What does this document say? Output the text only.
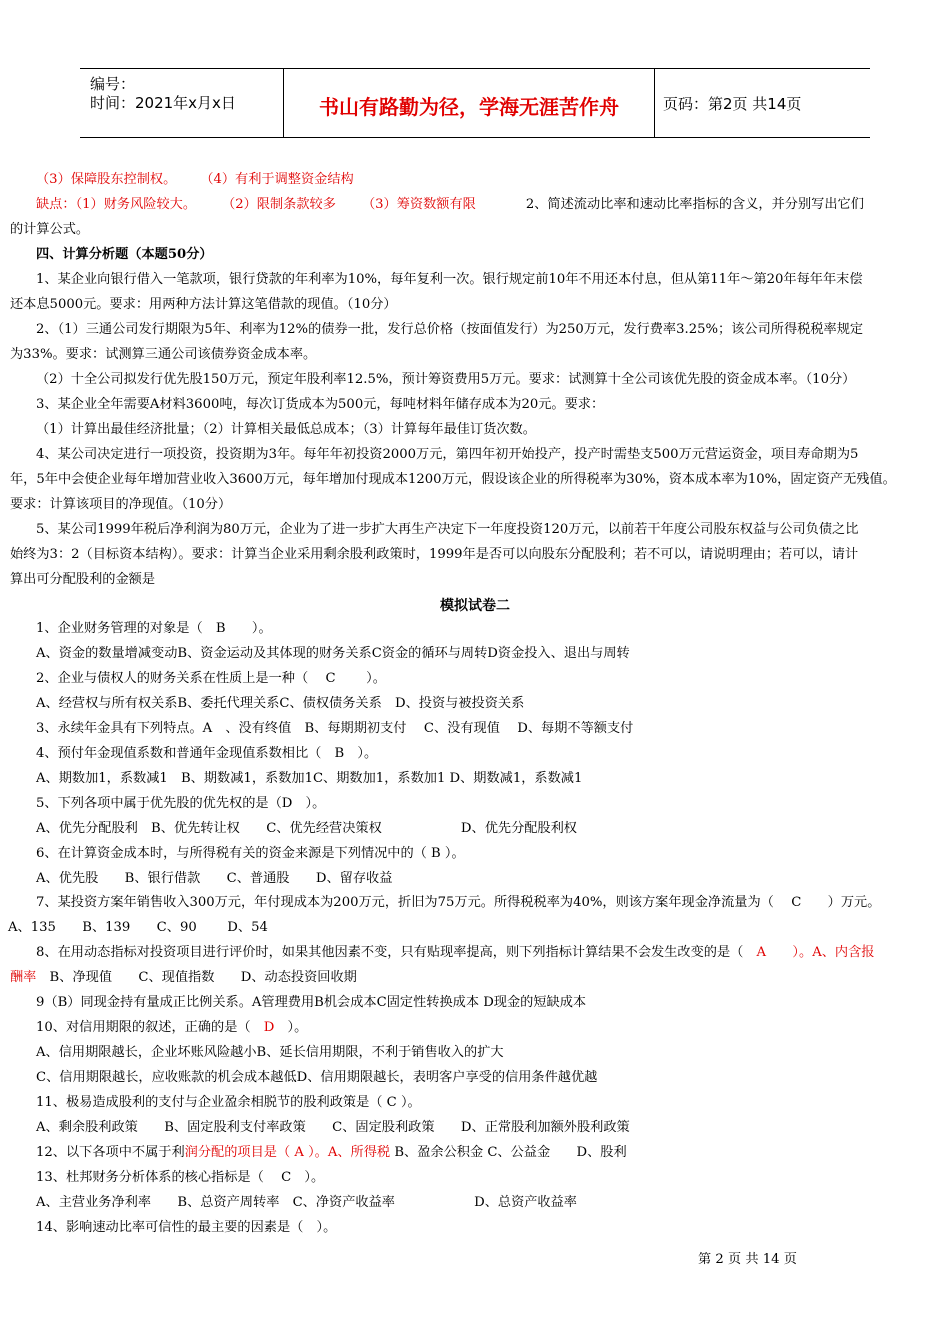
编号：
时间：2021年x月x日	书山有路勤为径，学海无涯苦作舟	页码：第2页 共14页
（3）保障股东控制权。 （4）有利于调整资金结构
缺点：（1）财务风险较大。 （2）限制条款较多 （3）筹资数额有限	2、简述流动比率和速动比率指标的含义，并分别写出它们
的计算公式。
四、计算分析题（本题50分）
1、某企业向银行借入一笔款项，银行贷款的年利率为10%，每年复利一次。银行规定前10年不用还本付息，但从第11年～第20年每年年末偿
还本息5000元。要求：用两种方法计算这笔借款的现值。（10分）
2、（1）三通公司发行期限为5年、利率为12%的债券一批，发行总价格（按面值发行）为250万元，发行费率3.25%；该公司所得税税率规定
为33%。要求：试测算三通公司该债券资金成本率。
（2）十全公司拟发行优先股150万元，预定年股利率12.5%，预计筹资费用5万元。要求：试测算十全公司该优先股的资金成本率。（10分）
3、某企业全年需要A材料3600吨，每次订货成本为500元，每吨材料年储存成本为20元。要求：
（1）计算出最佳经济批量；（2）计算相关最低总成本；（3）计算每年最佳订货次数。
4、某公司决定进行一项投资，投资期为3年。每年年初投资2000万元，第四年初开始投产，投产时需垫支500万元营运资金，项目寿命期为5
年，5年中会使企业每年增加营业收入3600万元，每年增加付现成本1200万元，假设该企业的所得税率为30%，资本成本率为10%，固定资产无残值。
要求：计算该项目的净现值。（10分）
5、某公司1999年税后净利润为80万元，企业为了进一步扩大再生产决定下一年度投资120万元，以前若干年度公司股东权益与公司负债之比
始终为3：2（目标资本结构）。要求：计算当企业采用剩余股利政策时，1999年是否可以向股东分配股利；若不可以，请说明理由；若可以，请计
算出可分配股利的金额是
模拟试卷二
1、企业财务管理的对象是（　B　　）。
A、资金的数量增减变动B、资金运动及其体现的财务关系C资金的循环与周转D资金投入、退出与周转
2、企业与债权人的财务关系在性质上是一种（　 C 　　）。
A、经营权与所有权关系B、委托代理关系C、债权债务关系　D、投资与被投资关系
3、永续年金具有下列特点。A　、没有终值　B、每期期初支付　 C、没有现值　 D、每期不等额支付
4、预付年金现值系数和普通年金现值系数相比（　B　）。
A、期数加1，系数减1　B、期数减1，系数加1C、期数加1，系数加1 D、期数减1，系数减1
5、下列各项中属于优先股的优先权的是（D　）。
A、优先分配股利　B、优先转让权　　C、优先经营决策权　　　　　　D、优先分配股利权
6、在计算资金成本时，与所得税有关的资金来源是下列情况中的（ B ）。
A、优先股　　B、银行借款　　C、普通股　　D、留存收益
7、某投资方案年销售收入300万元，年付现成本为200万元，折旧为75万元。所得税税率为40%，则该方案年现金净流量为（　 C　　）万元。
A、135　　B、139　　C、90　　 D、54
8、在用动态指标对投资项目进行评价时，如果其他因素不变，只有贴现率提高，则下列指标计算结果不会发生改变的是（　A　　）。A、内含报
酬率　B、净现值　　C、现值指数　　D、动态投资回收期
9（B）同现金持有量成正比例关系。A管理费用B机会成本C固定性转换成本 D现金的短缺成本
10、对信用期限的叙述，正确的是（　D　）。
A、信用期限越长，企业坏账风险越小B、延长信用期限，不利于销售收入的扩大
C、信用期限越长，应收账款的机会成本越低D、信用期限越长，表明客户享受的信用条件越优越
11、极易造成股利的支付与企业盈余相脱节的股利政策是（ C ）。
A、剩余股利政策　　B、固定股利支付率政策　　C、固定股利政策　　D、正常股利加额外股利政策
12、以下各项中不属于利润分配的项目是（ A ）。A、所得税 B、盈余公积金 C、公益金　　D、股利
13、杜邦财务分析体系的核心指标是（　 C　）。
A、主营业务净利率　　B、总资产周转率　C、净资产收益率　　　　　　D、总资产收益率
14、影响速动比率可信性的最主要的因素是（　）。
第 2 页 共 14 页
